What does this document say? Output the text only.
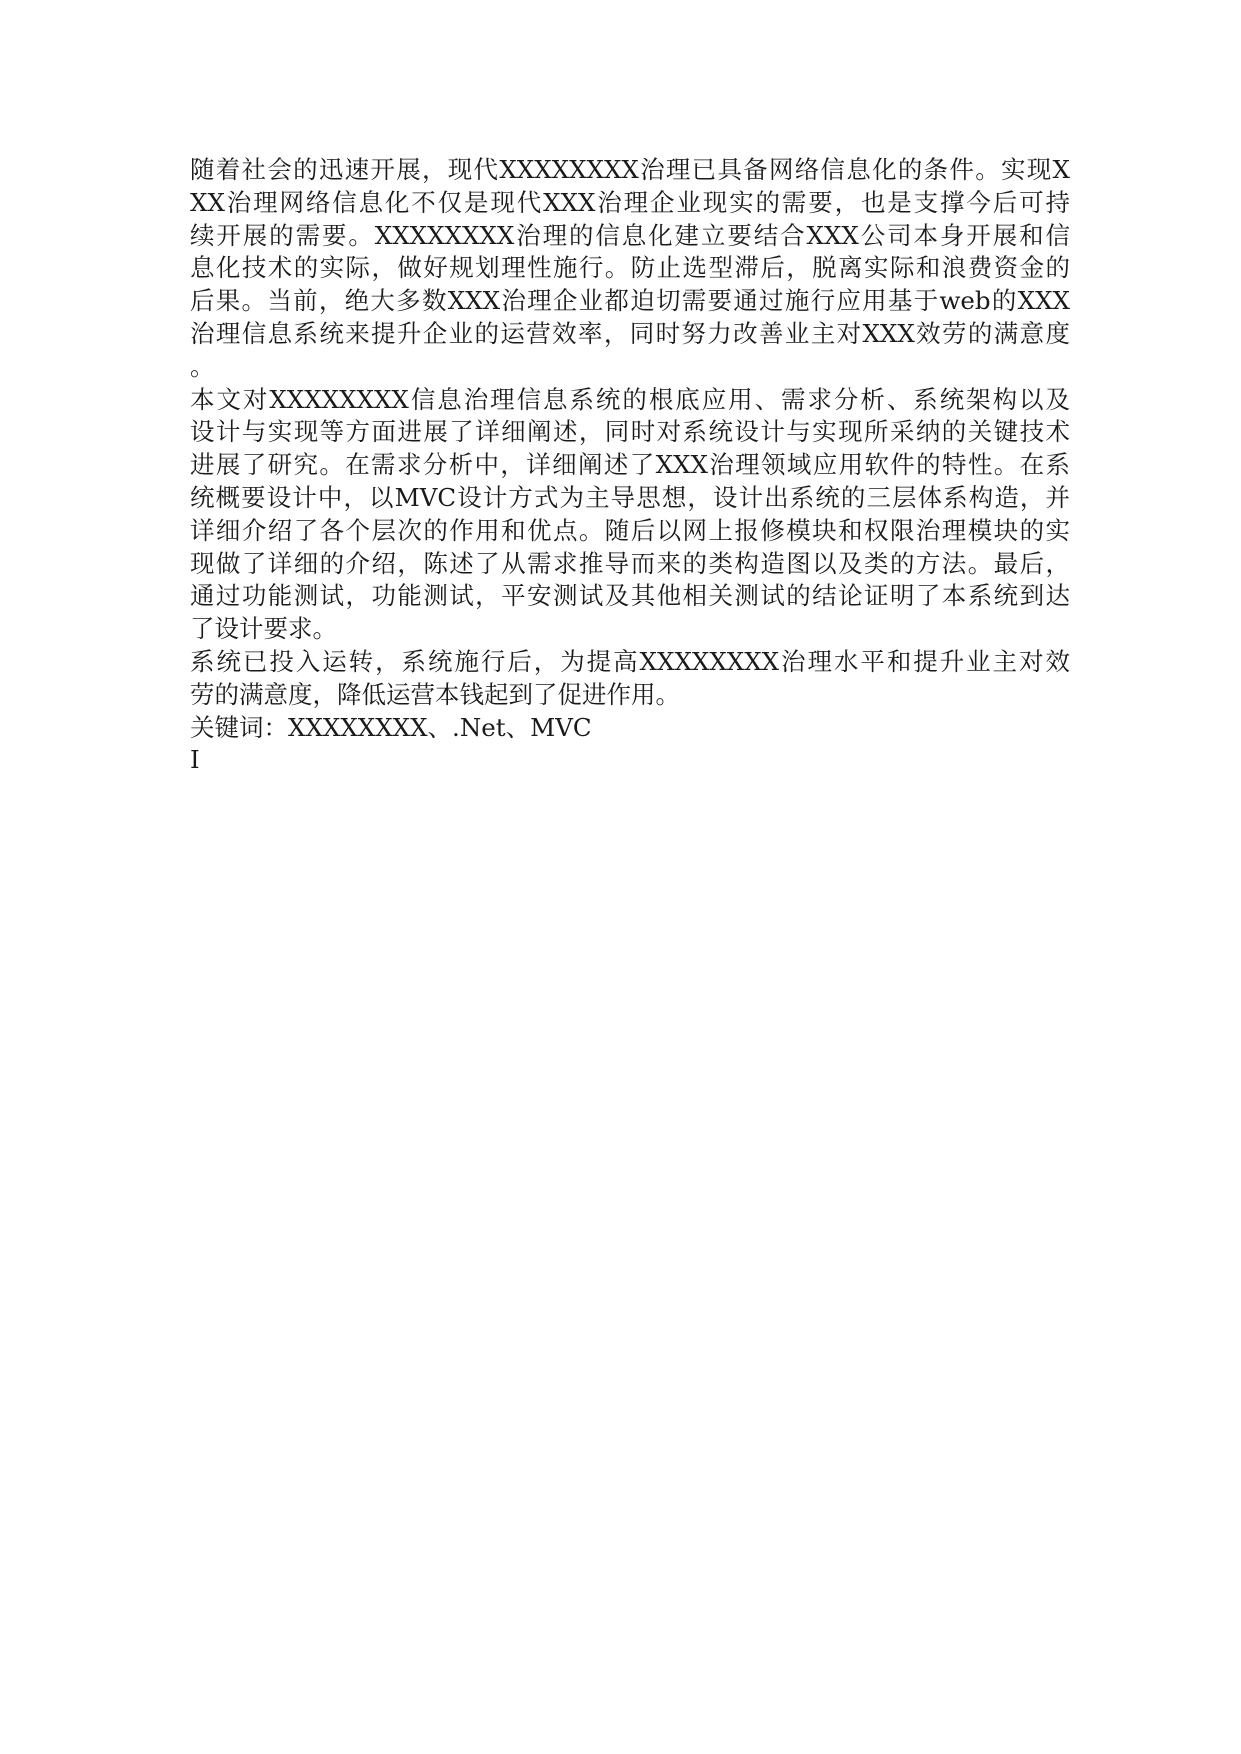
随着社会的迅速开展，现代XXXXXXXX治理已具备网络信息化的条件。实现X
XX治理网络信息化不仅是现代XXX治理企业现实的需要，也是支撑今后可持
续开展的需要。XXXXXXXX治理的信息化建立要结合XXX公司本身开展和信
息化技术的实际，做好规划理性施行。防止选型滞后，脱离实际和浪费资金的
后果。当前，绝大多数XXX治理企业都迫切需要通过施行应用基于web的XXX
治理信息系统来提升企业的运营效率，同时努力改善业主对XXX效劳的满意度
。
本文对XXXXXXXX信息治理信息系统的根底应用、需求分析、系统架构以及
设计与实现等方面进展了详细阐述，同时对系统设计与实现所采纳的关键技术
进展了研究。在需求分析中，详细阐述了XXX治理领域应用软件的特性。在系
统概要设计中，以MVC设计方式为主导思想，设计出系统的三层体系构造，并
详细介绍了各个层次的作用和优点。随后以网上报修模块和权限治理模块的实
现做了详细的介绍，陈述了从需求推导而来的类构造图以及类的方法。最后，
通过功能测试，功能测试，平安测试及其他相关测试的结论证明了本系统到达
了设计要求。
系统已投入运转，系统施行后，为提高XXXXXXXX治理水平和提升业主对效
劳的满意度，降低运营本钱起到了促进作用。
关键词：XXXXXXXX、.Net、MVC
I
